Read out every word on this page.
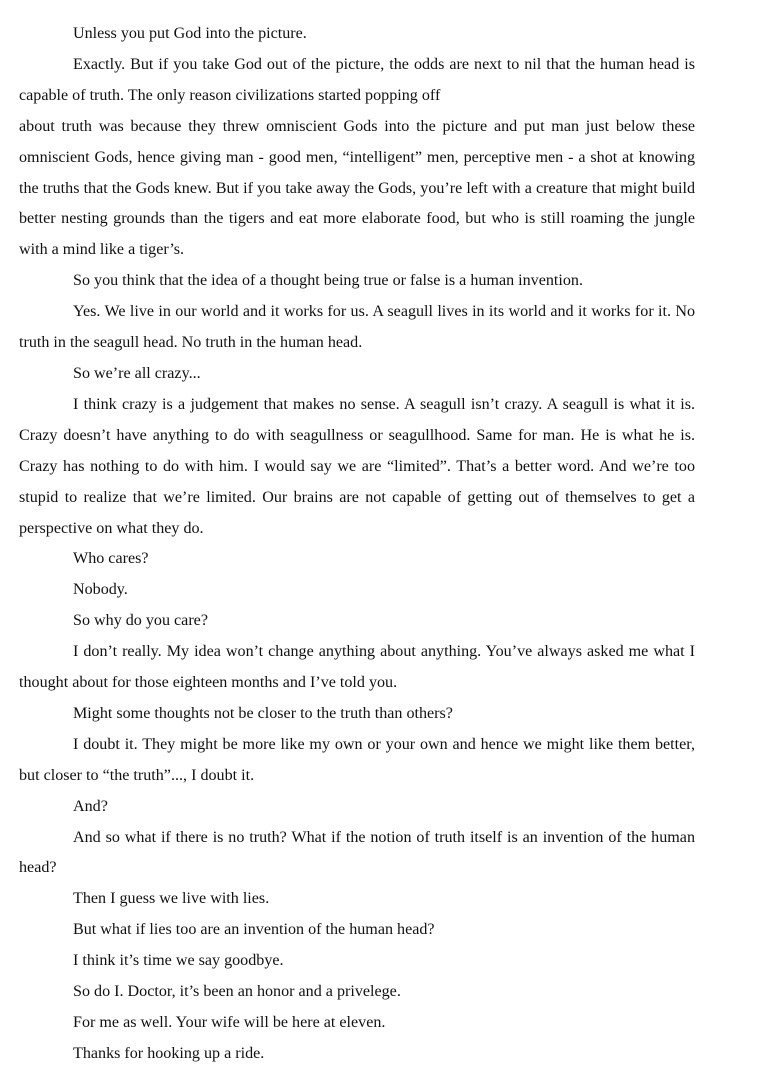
Unless you put God into the picture.

Exactly. But if you take God out of the picture, the odds are next to nil that the human head is capable of truth. The only reason civilizations started popping off

about truth was because they threw omniscient Gods into the picture and put man just below these omniscient Gods, hence giving man - good men, “intelligent” men, perceptive men - a shot at knowing the truths that the Gods knew. But if you take away the Gods, you’re left with a creature that might build better nesting grounds than the tigers and eat more elaborate food, but who is still roaming the jungle with a mind like a tiger’s.

So you think that the idea of a thought being true or false is a human invention.

Yes. We live in our world and it works for us. A seagull lives in its world and it works for it. No truth in the seagull head. No truth in the human head.

So we’re all crazy...

I think crazy is a judgement that makes no sense. A seagull isn’t crazy. A seagull is what it is. Crazy doesn’t have anything to do with seagullness or seagullhood. Same for man. He is what he is. Crazy has nothing to do with him. I would say we are “limited”. That’s a better word. And we’re too stupid to realize that we’re limited. Our brains are not capable of getting out of themselves to get a perspective on what they do.

Who cares?

Nobody.

So why do you care?

I don’t really. My idea won’t change anything about anything. You’ve always asked me what I thought about for those eighteen months and I’ve told you.

Might some thoughts not be closer to the truth than others?

I doubt it. They might be more like my own or your own and hence we might like them better, but closer to “the truth”..., I doubt it.

And?

And so what if there is no truth? What if the notion of truth itself is an invention of the human head?

Then I guess we live with lies.

But what if lies too are an invention of the human head?

I think it’s time we say goodbye.

So do I. Doctor, it’s been an honor and a privelege.

For me as well. Your wife will be here at eleven.

Thanks for hooking up a ride.
